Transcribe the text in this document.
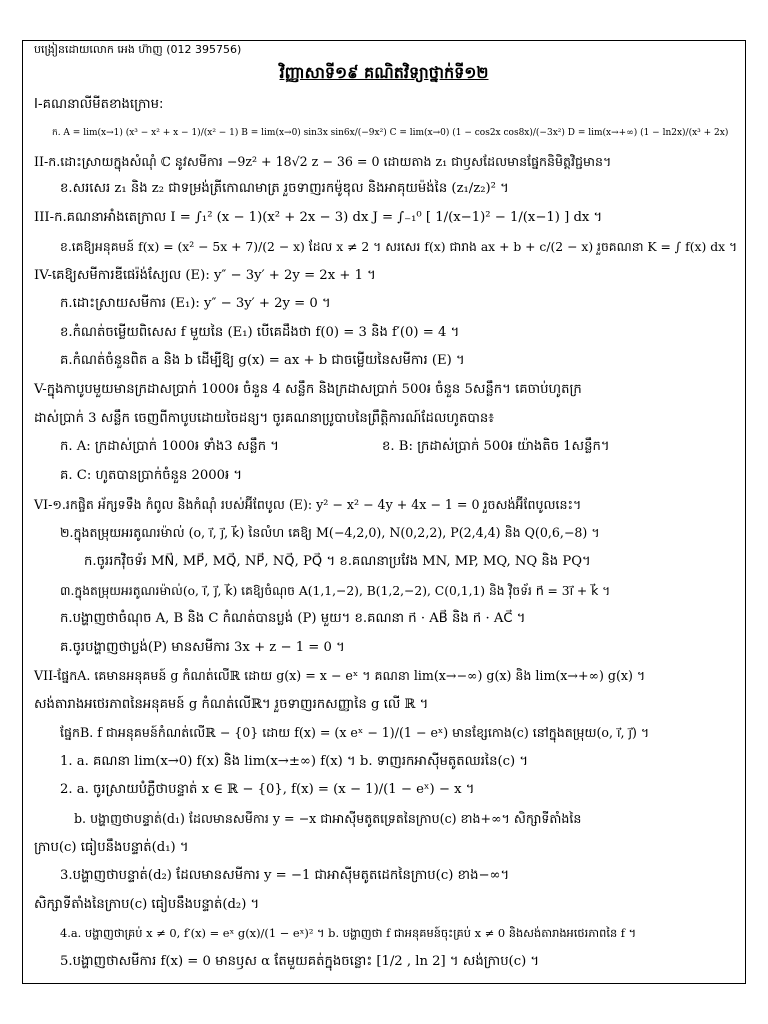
បង្រៀនដោយលោក អេង ហ៊ាញ (012 395756)
វិញ្ញាសាទី១៩ គណិតវិទ្យាថ្នាក់ទី១២
I-គណនាលីមីតខាងក្រោម:
ក. A = lim(x→1) (x³ − x² + x − 1)/(x² − 1) B = lim(x→0) sin3x sin6x/(−9x²) C = lim(x→0) (1 − cos2x cos8x)/(−3x²) D = lim(x→+∞) (1 − ln2x)/(x³ + 2x)
II-ក.ដោះស្រាយក្នុងសំណុំ ℂ នូវសមីការ −9z² + 18√2 z − 36 = 0 ដោយតាង z₁ ជាឫសដែលមានផ្នែកនិមិត្តវិជ្ជមាន។
ខ.សរសេរ z₁ និង z₂ ជាទម្រង់ត្រីកោណមាត្រ រួចទាញរកម៉ូឌុល និងអាគុយម៉ង់នៃ (z₁/z₂)² ។
III-ក.គណនាអាំងតេក្រាល I = ∫₁² (x − 1)(x² + 2x − 3) dx J = ∫₋₁⁰ [ 1/(x−1)² − 1/(x−1) ] dx ។
ខ.គេឱ្យអនុគមន៍ f(x) = (x² − 5x + 7)/(2 − x) ដែល x ≠ 2 ។ សរសេរ f(x) ជារាង ax + b + c/(2 − x) រួចគណនា K = ∫ f(x) dx ។
IV-គេឱ្យសមីការឌីផេរ៉ង់ស្យែល (E): y″ − 3y′ + 2y = 2x + 1 ។
ក.ដោះស្រាយសមីការ (E₁): y″ − 3y′ + 2y = 0 ។
ខ.កំណត់ចម្លើយពិសេស f មួយនៃ (E₁) បើគេដឹងថា f(0) = 3 និង f′(0) = 4 ។
គ.កំណត់ចំនួនពិត a និង b ដើម្បីឱ្យ g(x) = ax + b ជាចម្លើយនៃសមីការ (E) ។
V-ក្នុងកាបូបមួយមានក្រដាសប្រាក់ 1000៛ ចំនួន 4 សន្លឹក និងក្រដាសប្រាក់ 500៛ ចំនួន 5សន្លឹក។ គេចាប់ហូតក្រ
ដាស់ប្រាក់ 3 សន្លឹក ចេញពីកាបូបដោយចៃដន្យ។ ចូរគណនាប្រូបាបនៃព្រឹត្តិការណ៍ដែលហូតបាន៖
ក. A: ក្រដាស់ប្រាក់ 1000៛ ទាំង3 សន្លឹក ។	ខ. B: ក្រដាស់ប្រាក់ 500៛ យ៉ាងតិច 1សន្លឹក។
គ. C: ហូតបានប្រាក់ចំនួន 2000៛ ។
VI-១.រកផ្ចិត អ័ក្សទទឹង កំពូល និងកំណុំ របស់អ៊ីពែបូល (E): y² − x² − 4y + 4x − 1 = 0 រួចសង់អ៊ីពែបូលនេះ។
២.ក្នុងតម្រុយអរតូណរម៉ាល់ (o, i⃗, j⃗, k⃗) នៃលំហ គេឱ្យ M(−4,2,0), N(0,2,2), P(2,4,4) និង Q(0,6,−8) ។
ក.ចូររកវ៉ិចទ័រ MN⃗, MP⃗, MQ⃗, NP⃗, NQ⃗, PQ⃗ ។ ខ.គណនាប្រវែង MN, MP, MQ, NQ និង PQ។
៣.ក្នុងតម្រុយអរតូណរម៉ាល់(o, i⃗, j⃗, k⃗) គេឱ្យចំណុច A(1,1,−2), B(1,2,−2), C(0,1,1) និង វ៉ិចទ័រ n⃗ = 3i⃗ + k⃗ ។
ក.បង្ហាញថាចំណុច A, B និង C កំណត់បានប្លង់ (P) មួយ។ ខ.គណនា n⃗ · AB⃗ និង n⃗ · AC⃗ ។
គ.ចូរបង្ហាញថាប្លង់(P) មានសមីការ 3x + z − 1 = 0 ។
VII-ផ្នែកA. គេមានអនុគមន៍ g កំណត់លើℝ ដោយ g(x) = x − eˣ ។ គណនា lim(x→−∞) g(x) និង lim(x→+∞) g(x) ។
សង់តារាងអថេរភាពនៃអនុគមន៍ g កំណត់លើℝ។ រួចទាញរកសញ្ញានៃ g លើ ℝ ។
ផ្នែកB. f ជាអនុគមន៍កំណត់លើℝ − {0} ដោយ f(x) = (x eˣ − 1)/(1 − eˣ) មានខ្សែកោង(c) នៅក្នុងតម្រុយ(o, i⃗, j⃗) ។
1. a. គណនា lim(x→0) f(x) និង lim(x→±∞) f(x) ។ b. ទាញរកអាស៊ីមតូតឈរនៃ(c) ។
2. a. ចូរស្រាយបំភ្លឺថាបន្ទាត់ x ∈ ℝ − {0}, f(x) = (x − 1)/(1 − eˣ) − x ។
b. បង្ហាញថាបន្ទាត់(d₁) ដែលមានសមីការ y = −x ជាអាស៊ីមតូតទ្រេតនៃក្រាប(c) ខាង+∞។ សិក្សាទីតាំងនៃ
ក្រាប(c) ធៀបនឹងបន្ទាត់(d₁) ។
3.បង្ហាញថាបន្ទាត់(d₂) ដែលមានសមីការ y = −1 ជាអាស៊ីមតូតដេកនៃក្រាប(c) ខាង−∞។
សិក្សាទីតាំងនៃក្រាប(c) ធៀបនឹងបន្ទាត់(d₂) ។
4.a. បង្ហាញថាគ្រប់ x ≠ 0, f′(x) = eˣ g(x)/(1 − eˣ)² ។ b. បង្ហាញថា f ជាអនុគមន៍ចុះគ្រប់ x ≠ 0 និងសង់តារាងអថេរភាពនៃ f ។
5.បង្ហាញថាសមីការ f(x) = 0 មានឫស α តែមួយគត់ក្នុងចន្លោះ [1/2 , ln 2] ។ សង់ក្រាប(c) ។
